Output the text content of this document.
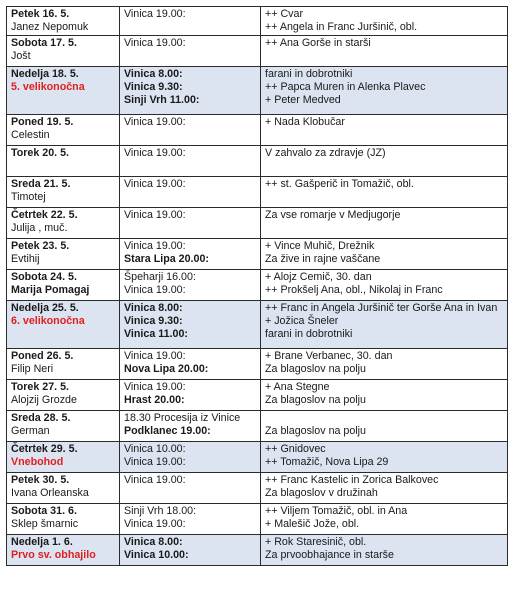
Petek 16. 5.
Janez Nepomuk	Vinica 19.00:	++ Cvar
++ Angela in Franc Juršinič, obl.

Sobota 17. 5.
Jošt	Vinica 19.00:	++ Ana Gorše in starši

Nedelja 18. 5.
5. velikonočna	Vinica 8.00:
Vinica 9.30:
Sinji Vrh 11.00:	farani in dobrotniki
++ Papca Muren in Alenka Plavec
+ Peter Medved

Poned 19. 5.
Celestin	Vinica 19.00:	+ Nada Klobučar

Torek 20. 5.	Vinica 19.00:	V zahvalo za zdravje (JZ)

Sreda 21. 5.
Timotej	Vinica 19.00:	++ st. Gašperič in Tomažič, obl.

Četrtek 22. 5.
Julija , muč.	Vinica 19.00:	Za vse romarje v Medjugorje

Petek 23. 5.
Evtihij	Vinica 19.00:
Stara Lipa 20.00:	+ Vince Muhič, Drežnik
Za žive in rajne vaščane

Sobota 24. 5.
Marija Pomagaj	Špeharji 16.00:
Vinica 19.00:	+ Alojz Cemič, 30. dan
++ Prokšelj Ana, obl., Nikolaj in Franc

Nedelja 25. 5.
6. velikonočna	Vinica 8.00:
Vinica 9.30:
Vinica 11.00:	++ Franc in Angela Juršinič ter Gorše Ana in Ivan
+ Jožica Šneler
farani in dobrotniki

Poned 26. 5.
Filip Neri	Vinica 19.00:
Nova Lipa 20.00:	+ Brane Verbanec, 30. dan
Za blagoslov na polju

Torek 27. 5.
Alojzij Grozde	Vinica 19.00:
Hrast 20.00:	+ Ana Stegne
Za blagoslov na polju

Sreda 28. 5.
German	18.30 Procesija iz Vinice
Podklanec 19.00:	Za blagoslov na polju

Četrtek 29. 5.
Vnebohod	Vinica 10.00:
Vinica 19.00:	++ Gnidovec
++ Tomažič, Nova Lipa 29

Petek 30. 5.
Ivana Orleanska	Vinica 19.00:	++ Franc Kastelic in Zorica Balkovec
Za blagoslov v družinah

Sobota 31. 6.
Sklep šmarnic	Sinji Vrh 18.00:
Vinica 19.00:	++ Viljem Tomažič, obl. in Ana
+ Malešič Jože, obl.

Nedelja 1. 6.
Prvo sv. obhajilo	Vinica 8.00:
Vinica 10.00:	+ Rok Staresinič, obl.
Za prvoobhajance in starše
